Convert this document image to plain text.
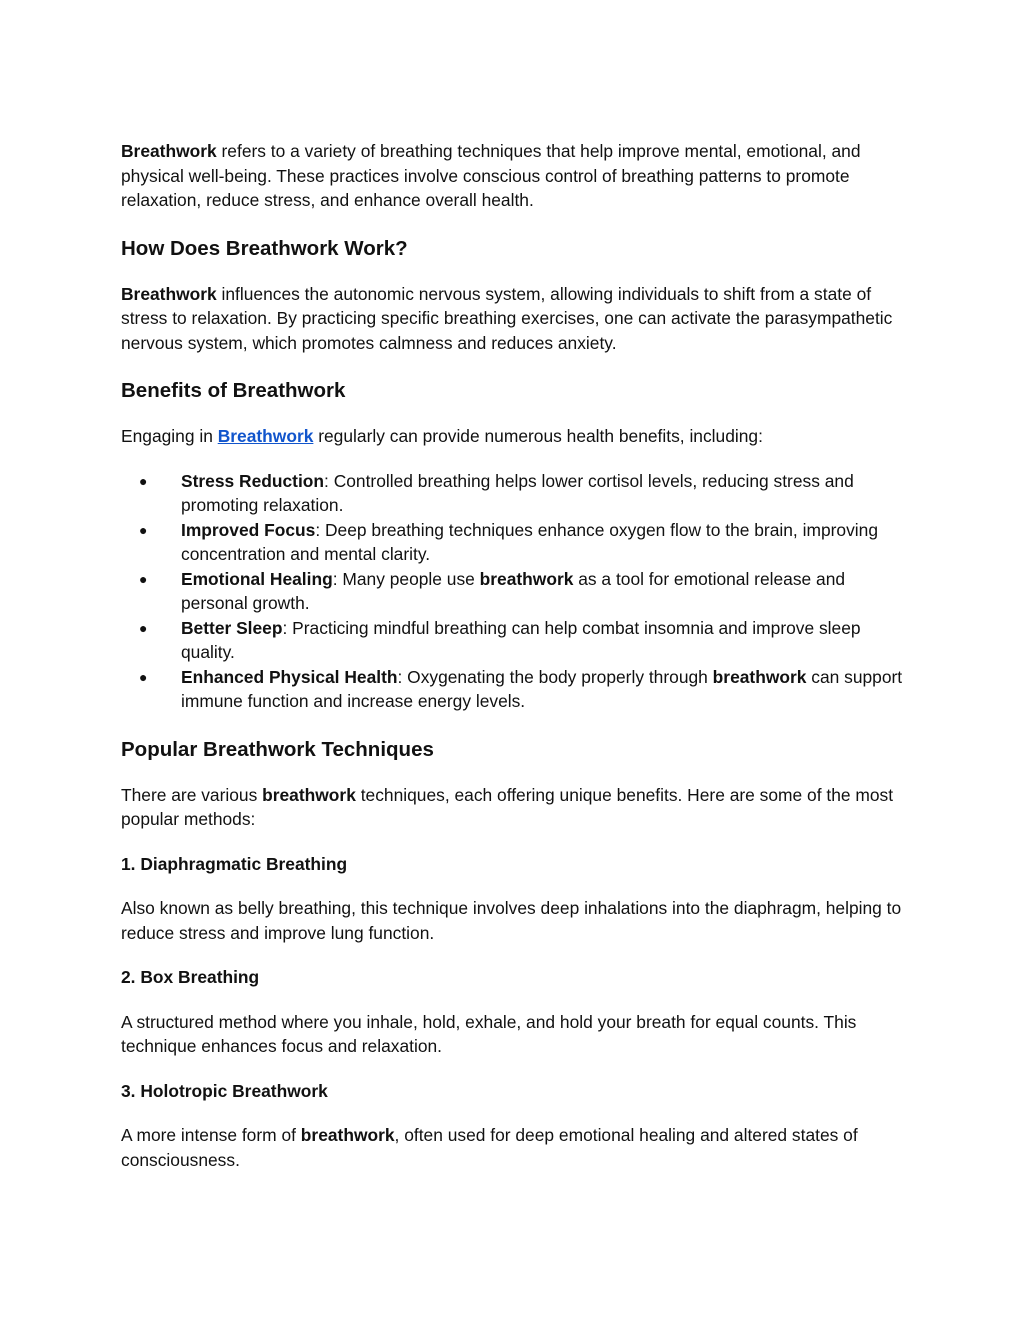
Breathwork refers to a variety of breathing techniques that help improve mental, emotional, and physical well-being. These practices involve conscious control of breathing patterns to promote relaxation, reduce stress, and enhance overall health.

How Does Breathwork Work?

Breathwork influences the autonomic nervous system, allowing individuals to shift from a state of stress to relaxation. By practicing specific breathing exercises, one can activate the parasympathetic nervous system, which promotes calmness and reduces anxiety.

Benefits of Breathwork

Engaging in Breathwork regularly can provide numerous health benefits, including:

● Stress Reduction: Controlled breathing helps lower cortisol levels, reducing stress and promoting relaxation.
● Improved Focus: Deep breathing techniques enhance oxygen flow to the brain, improving concentration and mental clarity.
● Emotional Healing: Many people use breathwork as a tool for emotional release and personal growth.
● Better Sleep: Practicing mindful breathing can help combat insomnia and improve sleep quality.
● Enhanced Physical Health: Oxygenating the body properly through breathwork can support immune function and increase energy levels.
Popular Breathwork Techniques

There are various breathwork techniques, each offering unique benefits. Here are some of the most popular methods:

1. Diaphragmatic Breathing

Also known as belly breathing, this technique involves deep inhalations into the diaphragm, helping to reduce stress and improve lung function.

2. Box Breathing

A structured method where you inhale, hold, exhale, and hold your breath for equal counts. This technique enhances focus and relaxation.

3. Holotropic Breathwork

A more intense form of breathwork, often used for deep emotional healing and altered states of consciousness.
